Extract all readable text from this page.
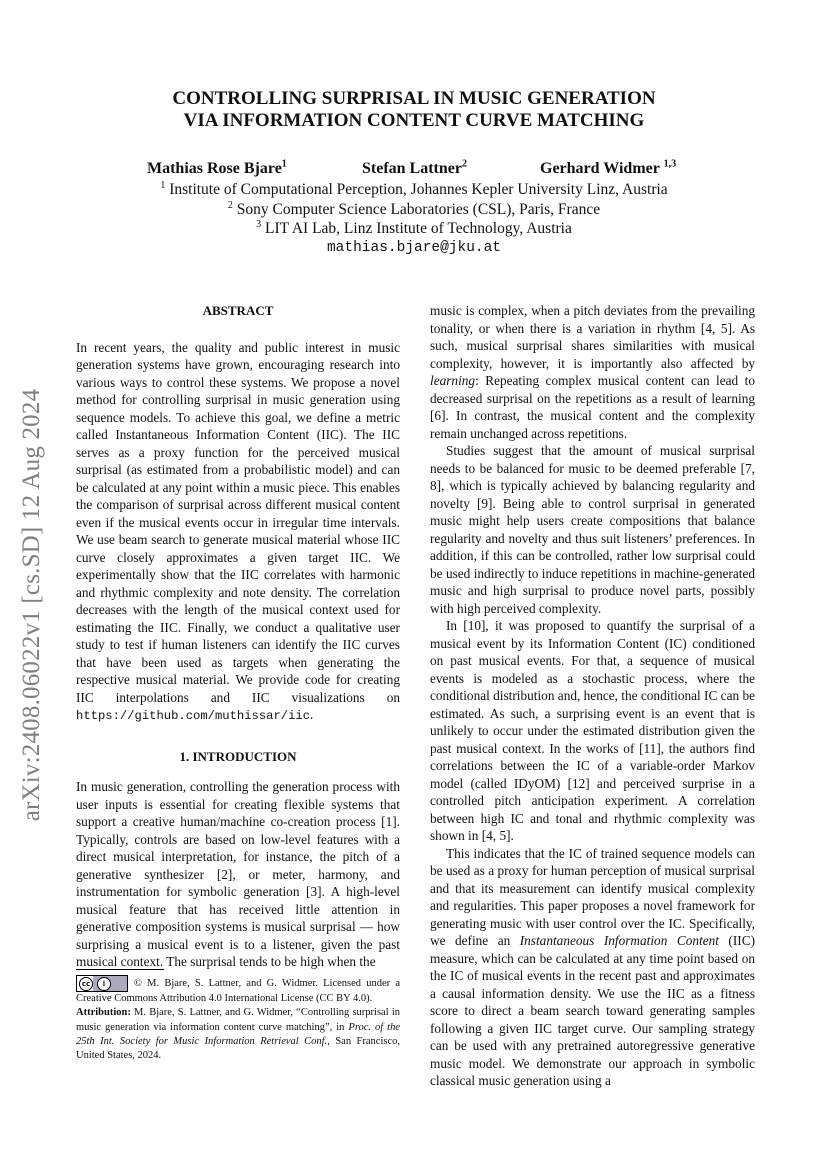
arXiv:2408.06022v1 [cs.SD] 12 Aug 2024
CONTROLLING SURPRISAL IN MUSIC GENERATION
VIA INFORMATION CONTENT CURVE MATCHING
Mathias Rose Bjare$^1$	Stefan Lattner$^2$	Gerhard Widmer $^{1,3}$
$^1$ Institute of Computational Perception, Johannes Kepler University Linz, Austria
$^2$ Sony Computer Science Laboratories (CSL), Paris, France
$^3$ LIT AI Lab, Linz Institute of Technology, Austria
mathias.bjare@jku.at

ABSTRACT

In recent years, the quality and public interest in music generation systems have grown, encouraging research into various ways to control these systems. We propose a novel method for controlling surprisal in music generation using sequence models. To achieve this goal, we define a metric called Instantaneous Information Content (IIC). The IIC serves as a proxy function for the perceived musical surprisal (as estimated from a probabilistic model) and can be calculated at any point within a music piece. This enables the comparison of surprisal across different musical content even if the musical events occur in irregular time intervals. We use beam search to generate musical material whose IIC curve closely approximates a given target IIC. We experimentally show that the IIC correlates with harmonic and rhythmic complexity and note density. The correlation decreases with the length of the musical context used for estimating the IIC. Finally, we conduct a qualitative user study to test if human listeners can identify the IIC curves that have been used as targets when generating the respective musical material. We provide code for creating IIC interpolations and IIC visualizations on https://github.com/muthissar/iic.

1. INTRODUCTION

In music generation, controlling the generation process with user inputs is essential for creating flexible systems that support a creative human/machine co-creation process [1]. Typically, controls are based on low-level features with a direct musical interpretation, for instance, the pitch of a generative synthesizer [2], or meter, harmony, and instrumentation for symbolic generation [3]. A high-level musical feature that has received little attention in generative composition systems is musical surprisal — how surprising a musical event is to a listener, given the past musical context. The surprisal tends to be high when the

cc	i	© M. Bjare, S. Lattner, and G. Widmer. Licensed under a Creative Commons Attribution 4.0 International License (CC BY 4.0).

Attribution: M. Bjare, S. Lattner, and G. Widmer, “Controlling surprisal in music generation via information content curve matching”, in Proc. of the 25th Int. Society for Music Information Retrieval Conf., San Francisco, United States, 2024.

music is complex, when a pitch deviates from the prevailing tonality, or when there is a variation in rhythm [4, 5]. As such, musical surprisal shares similarities with musical complexity, however, it is importantly also affected by learning: Repeating complex musical content can lead to decreased surprisal on the repetitions as a result of learning [6]. In contrast, the musical content and the complexity remain unchanged across repetitions.

Studies suggest that the amount of musical surprisal needs to be balanced for music to be deemed preferable [7, 8], which is typically achieved by balancing regularity and novelty [9]. Being able to control surprisal in generated music might help users create compositions that balance regularity and novelty and thus suit listeners’ preferences. In addition, if this can be controlled, rather low surprisal could be used indirectly to induce repetitions in machine-generated music and high surprisal to produce novel parts, possibly with high perceived complexity.

In [10], it was proposed to quantify the surprisal of a musical event by its Information Content (IC) conditioned on past musical events. For that, a sequence of musical events is modeled as a stochastic process, where the conditional distribution and, hence, the conditional IC can be estimated. As such, a surprising event is an event that is unlikely to occur under the estimated distribution given the past musical context. In the works of [11], the authors find correlations between the IC of a variable-order Markov model (called IDyOM) [12] and perceived surprise in a controlled pitch anticipation experiment. A correlation between high IC and tonal and rhythmic complexity was shown in [4, 5].

This indicates that the IC of trained sequence models can be used as a proxy for human perception of musical surprisal and that its measurement can identify musical complexity and regularities. This paper proposes a novel framework for generating music with user control over the IC. Specifically, we define an Instantaneous Information Content (IIC) measure, which can be calculated at any time point based on the IC of musical events in the recent past and approximates a causal information density. We use the IIC as a fitness score to direct a beam search toward generating samples following a given IIC target curve. Our sampling strategy can be used with any pretrained autoregressive generative music model. We demonstrate our approach in symbolic classical music generation using a
